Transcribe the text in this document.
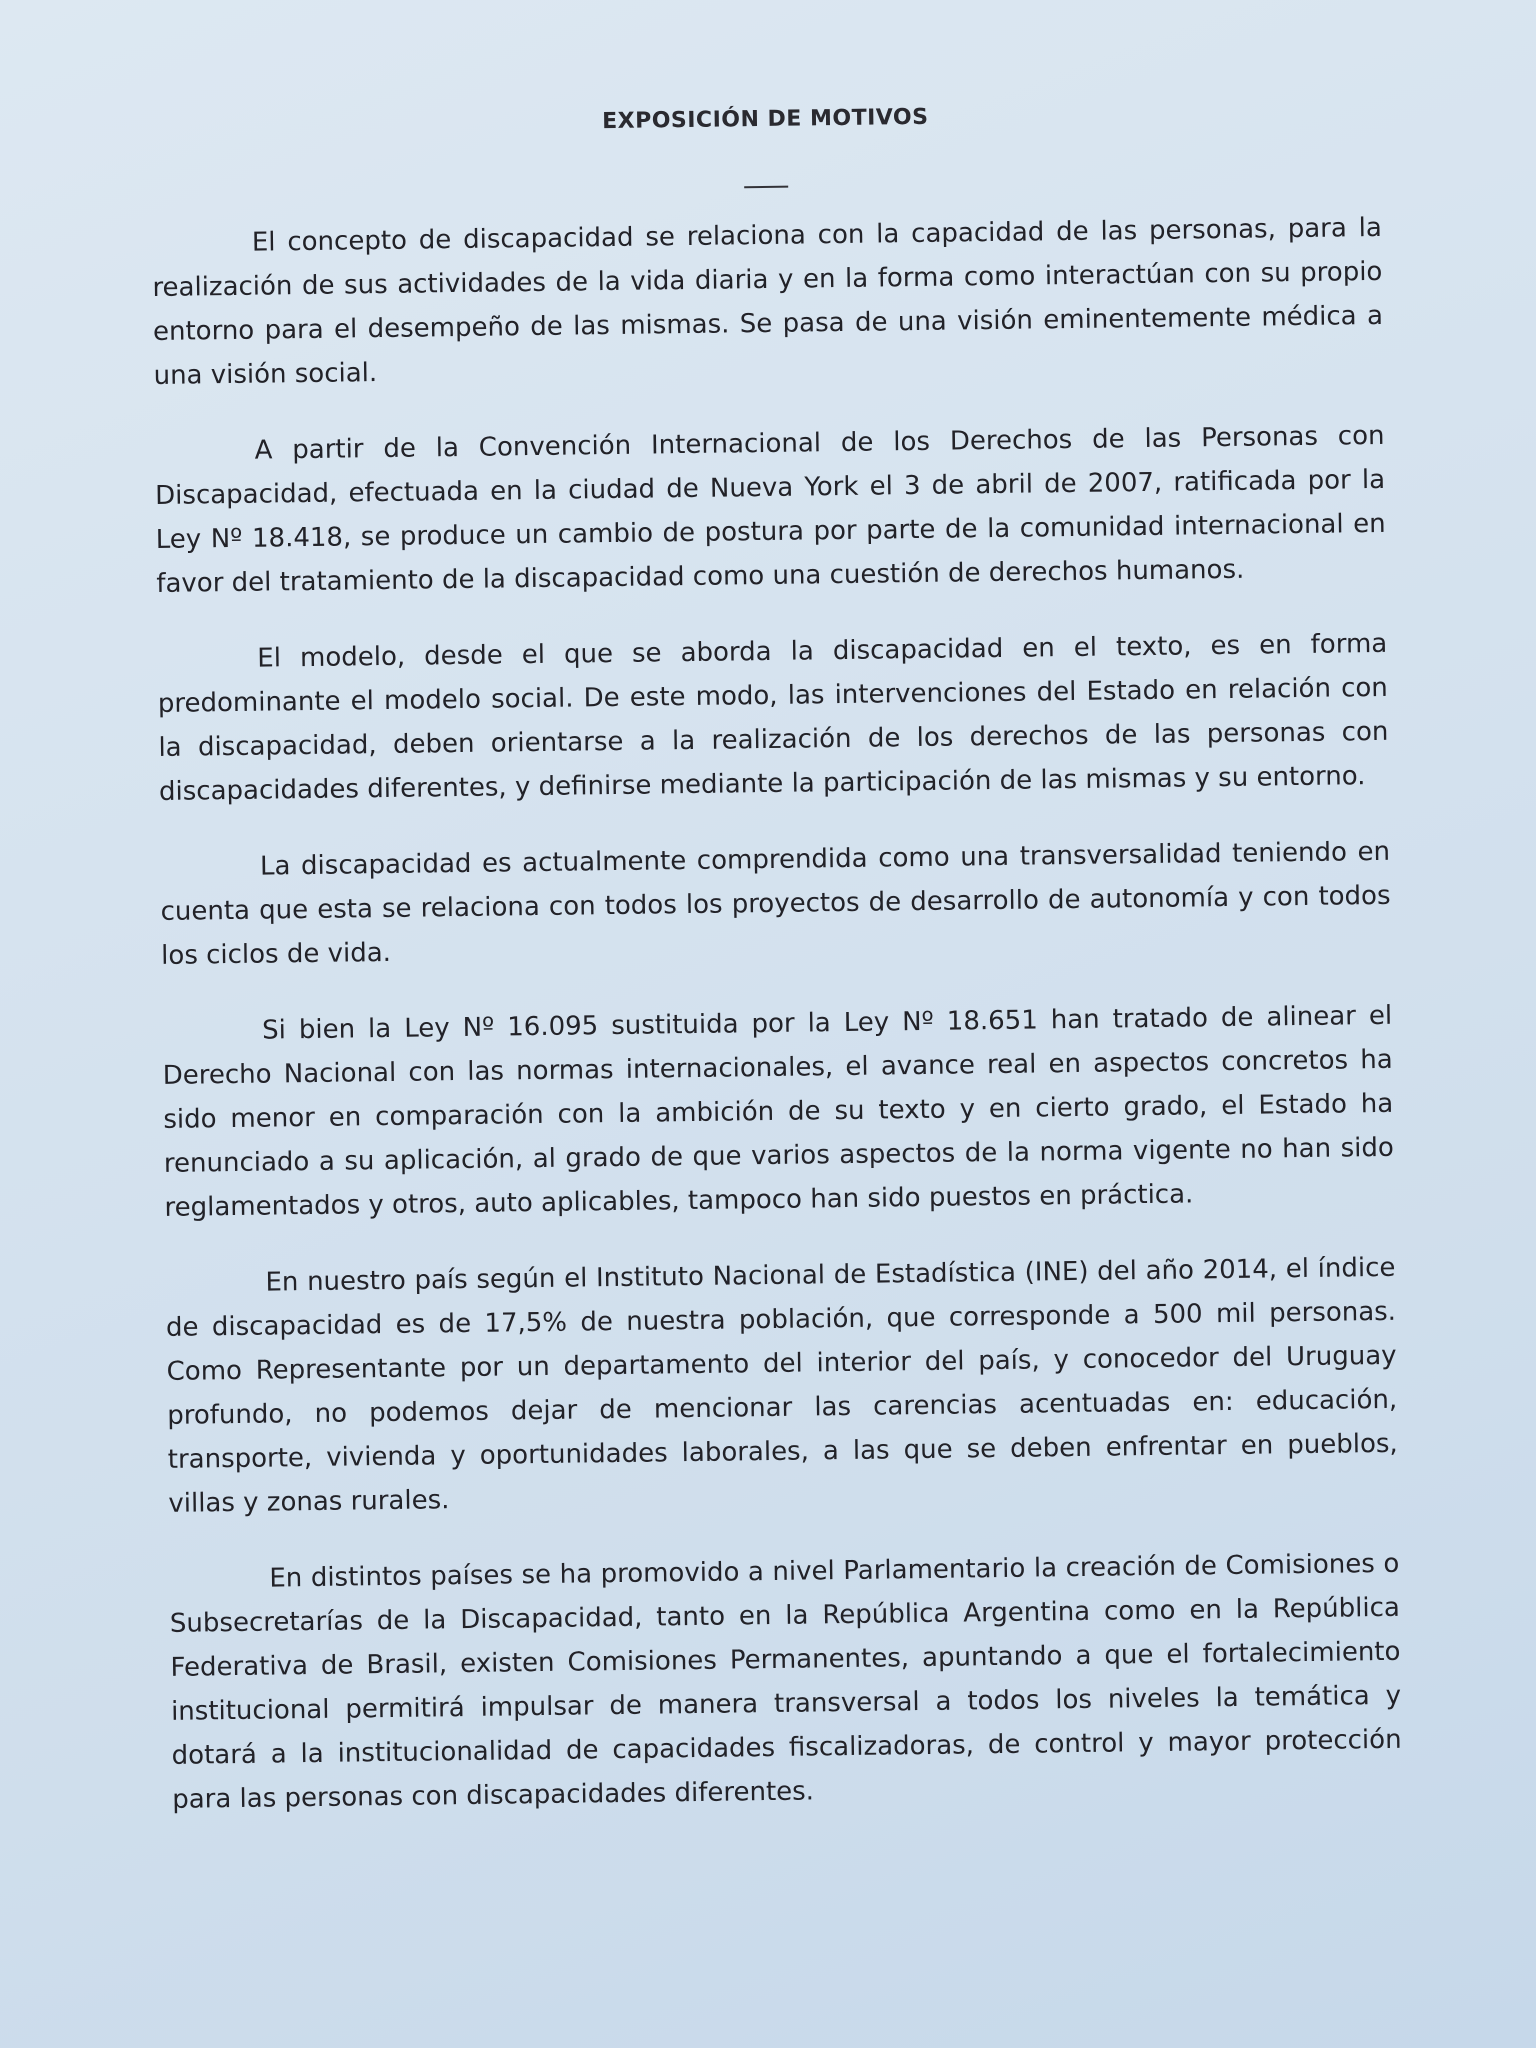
EXPOSICIÓN DE MOTIVOS

El concepto de discapacidad se relaciona con la capacidad de las personas, para la realización de sus actividades de la vida diaria y en la forma como interactúan con su propio entorno para el desempeño de las mismas. Se pasa de una visión eminentemente médica a una visión social.

A partir de la Convención Internacional de los Derechos de las Personas con Discapacidad, efectuada en la ciudad de Nueva York el 3 de abril de 2007, ratificada por la Ley Nº 18.418, se produce un cambio de postura por parte de la comunidad internacional en favor del tratamiento de la discapacidad como una cuestión de derechos humanos.

El modelo, desde el que se aborda la discapacidad en el texto, es en forma predominante el modelo social. De este modo, las intervenciones del Estado en relación con la discapacidad, deben orientarse a la realización de los derechos de las personas con discapacidades diferentes, y definirse mediante la participación de las mismas y su entorno.

La discapacidad es actualmente comprendida como una transversalidad teniendo en cuenta que esta se relaciona con todos los proyectos de desarrollo de autonomía y con todos los ciclos de vida.

Si bien la Ley Nº 16.095 sustituida por la Ley Nº 18.651 han tratado de alinear el Derecho Nacional con las normas internacionales, el avance real en aspectos concretos ha sido menor en comparación con la ambición de su texto y en cierto grado, el Estado ha renunciado a su aplicación, al grado de que varios aspectos de la norma vigente no han sido reglamentados y otros, auto aplicables, tampoco han sido puestos en práctica.

En nuestro país según el Instituto Nacional de Estadística (INE) del año 2014, el índice de discapacidad es de 17,5% de nuestra población, que corresponde a 500 mil personas. Como Representante por un departamento del interior del país, y conocedor del Uruguay profundo, no podemos dejar de mencionar las carencias acentuadas en: educación, transporte, vivienda y oportunidades laborales, a las que se deben enfrentar en pueblos, villas y zonas rurales.

En distintos países se ha promovido a nivel Parlamentario la creación de Comisiones o Subsecretarías de la Discapacidad, tanto en la República Argentina como en la República Federativa de Brasil, existen Comisiones Permanentes, apuntando a que el fortalecimiento institucional permitirá impulsar de manera transversal a todos los niveles la temática y dotará a la institucionalidad de capacidades fiscalizadoras, de control y mayor protección para las personas con discapacidades diferentes.
